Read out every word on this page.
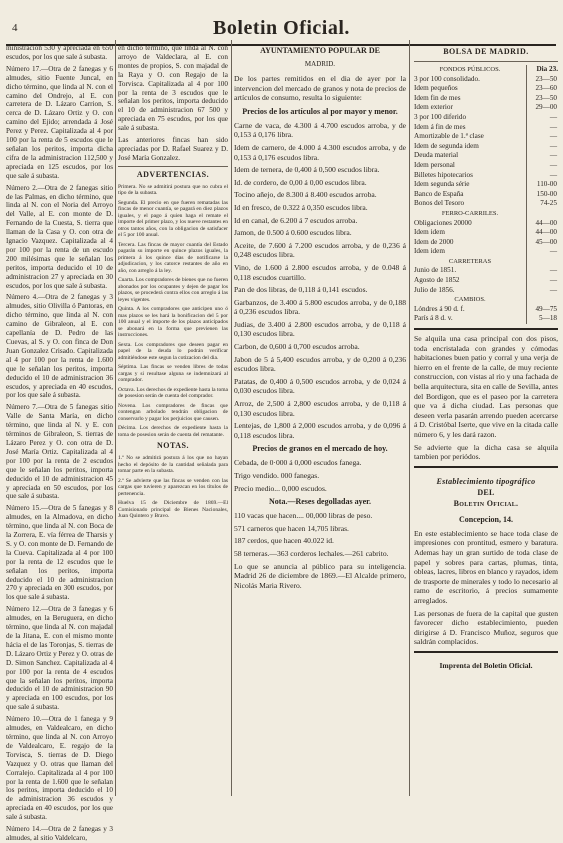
4	Boletin Oficial.

ministracion 530 y apreciada en 650 escudos, por los que sale á subasta.

Número 17.—Otra de 2 fanegas y 6 almudes, sitio Fuente Juncal, en dicho término, que linda al N. con el camino del Ondrejo, al E. con carretera de D. Lázaro Carrion, S. cerca de D. Lázaro Ortiz y O. con camino del Ejido; arrendada á José Perez y Perez. Capitalizada al 4 por 100 por la renta de 5 escudos que le señalan los peritos, importa dicha cifra de la administracion 112,500 y apreciada en 125 escudos, por los que sale á subasta.

Número 2.—Otra de 2 fanegas sitio de las Palmas, en dicho término, que linda al N. con el Noria del Arroyo del Valle, al E. con monte de D. Fernando de la Cuesta, S. tierra que llaman de la Casa y O. con otra de Ignacio Vazquez. Capitalizada al 4 por 100 por la renta de un escudo 200 milésimas que le señalan los peritos, importa deducido el 10 de administracion 27 y apreciada en 30 escudos, por los que sale á subasta.

Número 4.—Otra de 2 fanegas y 3 almudes, sitio Olivilla ó Pantoras, en dicho término, que linda al N. con camino de Gibraleon, al E. con capellanía de D. Pedro de las Cuevas, al S. y O. con finca de Don Juan Gonzalez Crisado. Capitalizada al 4 por 100 por la renta de 1.600 que le señalan los peritos, importa deducido el 10 de administracion 36 escudos, y apreciada en 40 escudos, por los que sale á subasta.

Número 7.—Otra de 5 fanegas sitio Valle de Santa María, en dicho término, que linda al N. y E. con términos de Gibraleon, S. tierras de Lázaro Perez y O. con otra de D. José María Ortiz. Capitalizada al 4 por 100 por la renta de 2 escudos que le señalan los peritos, importa deducido el 10 de administracion 45 y apreciada en 50 escudos, por los que sale á subasta.

Número 15.—Otra de 5 fanegas y 8 almudes, en la Almadova, en dicho término, que linda al N. con Boca de la Zorrera, E. vía férrea de Tharsis y S. y O. con monte de D. Fernando de la Cueva. Capitalizada al 4 por 100 por la renta de 12 escudos que le señalan los peritos, importa deducido el 10 de administracion 270 y apreciada en 300 escudos, por los que sale á subasta.

Número 12.—Otra de 3 fanegas y 6 almudes, en la Beruguera, en dicho término, que linda al N. con majadal de la Jitana, E. con el mismo monte hácia el de las Toronjas, S. tierras de D. Lázaro Ortiz y Perez y O. otras de D. Simon Sanchez. Capitalizada al 4 por 100 por la renta de 4 escudos que la señalan los peritos, importa deducido el 10 de administracion 90 y apreciada en 100 escudos, por los que sale á subasta.

Número 10.—Otra de 1 fanega y 9 almudes, en Valdealcaro, en dicho término, que linda al N. con Arroyo de Valdealcaro, E. regajo de la Torvisca, S. tierras de D. Diego Vazquez y O. otras que llaman del Corralejo. Capitalizada al 4 por 100 por la renta de 1.600 que le señalan los peritos, importa deducido el 10 de administracion 36 escudos y apreciada en 40 escudos, por los que sale á subasta.

Número 14.—Otra de 2 fanegas y 3 almudes, al sitio Valdelcaro,

en dicho término, que linda al N. con arroyo de Valdeclara, al E. con montes de propios, S. con majadal de la Raya y O. con Regajo de la Torvisca. Capitalizada al 4 por 100 por la renta de 3 escudos que le señalan los peritos, importa deducido el 10 de administracion 67 500 y apreciada en 75 escudos, por los que sale á subasta.

Las anteriores fincas han sido apreciadas por D. Rafael Suarez y D. José María Gonzalez.

ADVERTENCIAS.

Primera. No se admitirá postura que no cubra el tipo de la subasta.

Segunda. El precio en que fueren rematadas las fincas de menor cuantía, se pagará en diez plazos iguales, y el pago á quien haga el remate el importe del primer plazo, y los nueve restantes en otros tantos años, con la obligacion de satisfacer el 5 por 100 anual.

Tercera. Las fincas de mayor cuantía del Estado pagarán su importe en quince plazos iguales, la primera á los quince dias de notificarse la adjudicacion, y los catorce restantes de año en año, con arreglo á la ley.

Cuarta. Los compradores de bienes que no fueren abonados por los ocupantes y dejen de pagar los plazos, se procederá contra ellos con arreglo á las leyes vigentes.

Quinta. A los compradores que anticipen uno ó mas plazos se les hará la bonificacion del 5 por 100 anual y el importe de los plazos anticipados se abonará en la forma que previenen las instrucciones.

Sexta. Los compradores que deseen pagar en papel de la deuda lo podrán verificar admitiéndose este segun la cotizacion del dia.

Séptima. Las fincas se venden libres de todas cargas y si resultase alguna se indemnizará al comprador.

Octava. Los derechos de expediente hasta la toma de posesion serán de cuenta del comprador.

Novena. Los compradores de fincas que contengan arbolado tendrán obligacion de conservarlo y pagar los perjuicios que causen.

Décima. Los derechos de expediente hasta la toma de posesion serán de cuenta del rematante.

NOTAS.

1.ª No se admitirá postura á los que no hayan hecho el depósito de la cantidad señalada para tomar parte en la subasta.

2.ª Se advierte que las fincas se venden con las cargas que tuvieren y aparezcan en los títulos de pertenencia.

Huelva 15 de Diciembre de 1869.—El Comisionado principal de Bienes Nacionales, Juan Quintero y Bravo.

AYUNTAMIENTO POPULAR DE
MADRID.

De los partes remitidos en el dia de ayer por la intervencion del mercado de granos y nota de precios de artículos de consumo, resulta lo siguiente:

Precios de los artículos al por mayor y menor.

Carne de vaca, de 4.300 á 4.700 escudos arroba, y de 0,153 á 0,176 libra.

Idem de carnero, de 4.000 á 4.300 escudos arroba, y de 0,153 á 0,176 escudos libra.

Idem de ternera, de 0,400 á 0,500 escudos libra.

Id. de cordero, de 0,00 á 0,00 escudos libra.

Tocino añejo, de 8.300 á 8.400 escudos arroba.

Id en fresco, de 0.322 á 0,350 escudos libra.

Id en canal, de 6.200 á 7 escudos arroba.

Jamon, de 0.500 á 0.600 escudos libra.

Aceite, de 7.600 á 7.200 escudos arroba, y de 0,236 á 0,248 escudos libra.

Vino, de 1.600 á 2.800 escudos arroba, y de 0.048 á 0,118 escudos cuartillo.

Pan de dos libras, de 0,118 á 0,141 escudos.

Garbanzos, de 3.400 á 5.800 escudos arroba, y de 0,188 á 0,236 escudos libra.

Judias, de 3.400 á 2.800 escudos arroba, y de 0,118 á 0,130 escudos libra.

Carbon, de 0,600 á 0,700 escudos arroba.

Jabon de 5 á 5,400 escudos arroba, y de 0,200 á 0,236 escudos libra.

Patatas, de 0,400 á 0,500 escudos arroba, y de 0,024 á 0,030 escudos libra.

Arroz, de 2,500 á 2,800 escudos arroba, y de 0,118 á 0,130 escudos libra.

Lentejas, de 1,800 á 2,000 escudos arroba, y de 0,096 á 0,118 escudos libra.

Precios de granos en el mercado de hoy.

Cebada, de 0·000 á 0,000 escudos fanega.

Trigo vendido. 000 fanegas.

Precio medio... 0,000 escudos.

Nota.—Reses degolladas ayer.

110 vacas que hacen.... 00,000 libras de peso.

571 carneros que hacen 14,705 libras.

187 cerdos, que hacen 40.022 id.

58 terneras.—363 corderos lechales.—261 cabrito.

Lo que se anuncia al público para su inteligencia. Madrid 26 de diciembre de 1869.—El Alcalde primero, Nicolás Maria Rivero.

BOLSA DE MADRID.
FONDOS PÚBLICOS.	Dia 23.
3 por 100 consolidado.	23—50
Idem pequeños	23—60
Idem fin de mes	23—50
Idem exterior	29—00
3 por 100 diferido	—
Idem á fin de mes	—
Amortizable de 1.ª clase	—
Idem de segunda idem	—
Deuda material	—
Idem personal	—
Billetes hipotecarios	—
Idem segunda série	110-00
Banco de España	150-00
Bonos del Tesoro	74-25
FERRO-CARRILES.	
Obligaciones 20000	44—00
Idem idem	44—00
Idem de 2000	45—00
Idem idem	—
CARRETERAS	
Junio de 1851.	—
Agosto de 1852	—
Julio de 1856.	—
CAMBIOS.	
Lóndres á 90 d. f.	49—75
París á 8 d. v.	5—18

Se alquila una casa principal con dos pisos, toda encristalada con grandes y cómodas habitaciones buen patio y corral y una verja de hierro en el frente de la calle, de muy reciente construccion, con vistas al rio y una fachada de bella arquitectura, sita en calle de Sevilla, antes del Bordigon, que es el paseo por la carretera que va á dicha ciudad. Las personas que deseen verla pasarán arrendo pueden acercarse á D. Cristóbal Iserte, que vive en la citada calle número 6, y les dará razon.

Se advierte que la dicha casa se alquila tambien por periódos.

Establecimiento tipográfico
DEL
Boletin Oficial.
Concepcion, 14.

En este establecimiento se hace toda clase de impresiones con prontitud, esmero y baratura. Ademas hay un gran surtido de toda clase de papel y sobres para cartas, plumas, tinta, obleas, lacres, libros en blanco y rayados, idem de trasporte de minerales y todo lo necesario al ramo de escritorio, á precios sumamente arreglados.

Las personas de fuera de la capital que gusten favorecer dicho establecimiento, pueden dirigirse á D. Francisco Muñoz, seguros que saldrán complacidos.

Imprenta del Boletin Oficial.
